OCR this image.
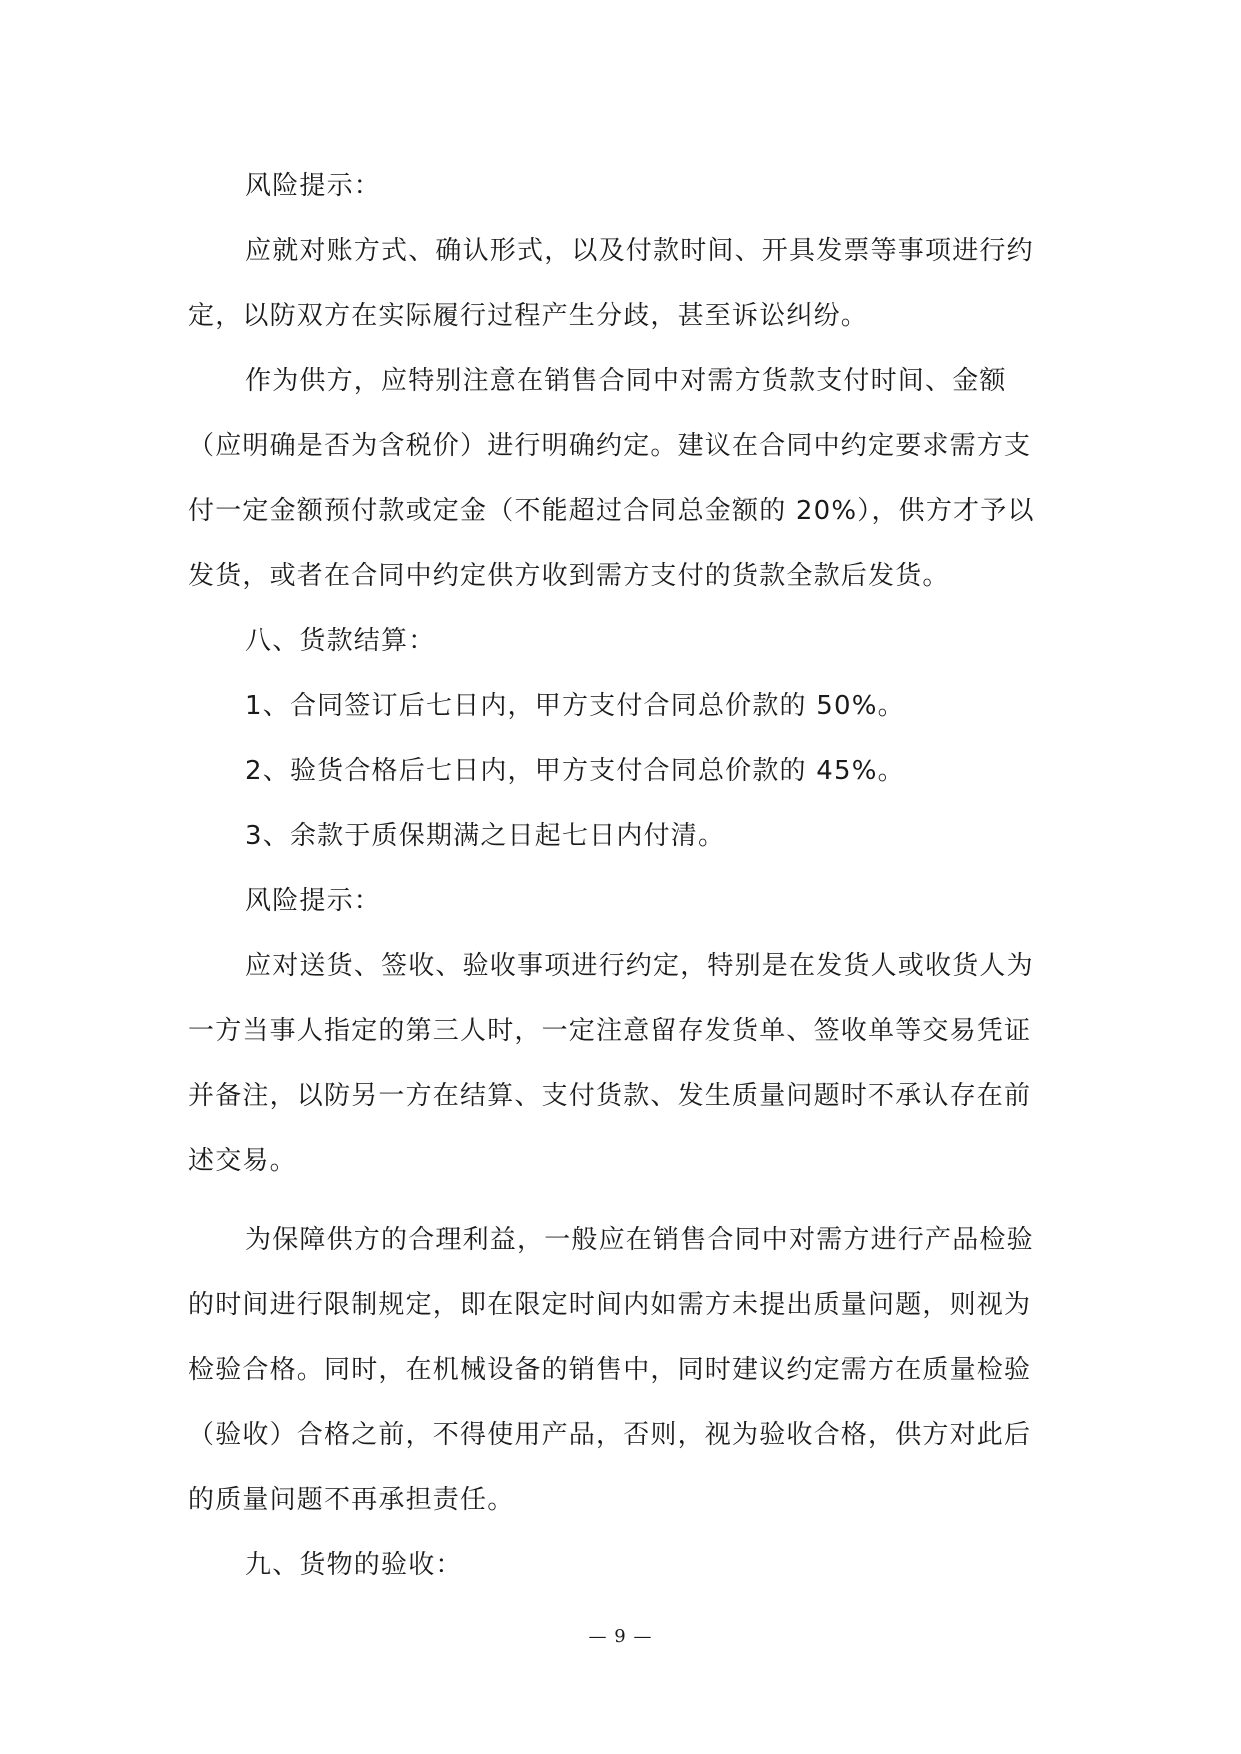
风险提示：

应就对账方式、确认形式，以及付款时间、开具发票等事项进行约定，以防双方在实际履行过程产生分歧，甚至诉讼纠纷。

作为供方，应特别注意在销售合同中对需方货款支付时间、金额（应明确是否为含税价）进行明确约定。建议在合同中约定要求需方支付一定金额预付款或定金（不能超过合同总金额的 20%），供方才予以发货，或者在合同中约定供方收到需方支付的货款全款后发货。

八、货款结算：

1、合同签订后七日内，甲方支付合同总价款的 50%。

2、验货合格后七日内，甲方支付合同总价款的 45%。

3、余款于质保期满之日起七日内付清。

风险提示：

应对送货、签收、验收事项进行约定，特别是在发货人或收货人为一方当事人指定的第三人时，一定注意留存发货单、签收单等交易凭证并备注，以防另一方在结算、支付货款、发生质量问题时不承认存在前述交易。

为保障供方的合理利益，一般应在销售合同中对需方进行产品检验的时间进行限制规定，即在限定时间内如需方未提出质量问题，则视为检验合格。同时，在机械设备的销售中，同时建议约定需方在质量检验（验收）合格之前，不得使用产品，否则，视为验收合格，供方对此后的质量问题不再承担责任。

九、货物的验收：

— 9 —
